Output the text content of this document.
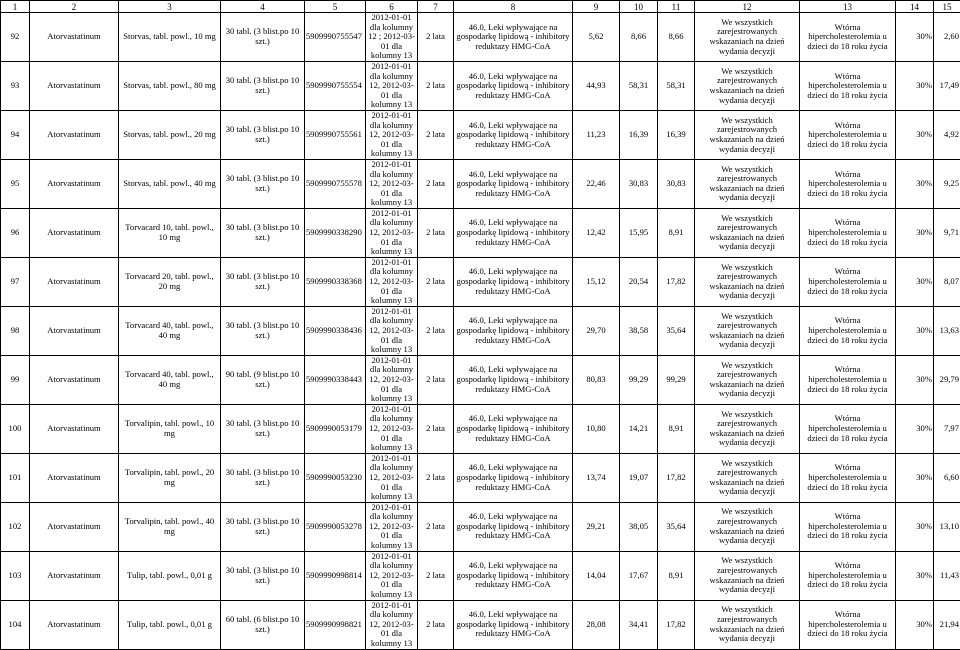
1	2	3	4	5	6	7	8	9	10	11	12	13	14	15
92	Atorvastatinum	Storvas, tabl. powl., 10 mg	30 tabl. (3 blist.po 10 szt.)	5909990755547	2012-01-01 dla kolumny 12 ; 2012-03-01 dla kolumny 13	2 lata	46.0, Leki wpływające na gospodarkę lipidową - inhibitory reduktazy HMG-CoA	5,62	8,66	8,66	We wszystkich zarejestrowanych wskazaniach na dzień wydania decyzji	Wtórna hipercholesterolemia u dzieci do 18 roku życia	30%	2,60
93	Atorvastatinum	Storvas, tabl. powl., 80 mg	30 tabl. (3 blist.po 10 szt.)	5909990755554	2012-01-01 dla kolumny 12, 2012-03-01 dla kolumny 13	2 lata	46.0, Leki wpływające na gospodarkę lipidową - inhibitory reduktazy HMG-CoA	44,93	58,31	58,31	We wszystkich zarejestrowanych wskazaniach na dzień wydania decyzji	Wtórna hipercholesterolemia u dzieci do 18 roku życia	30%	17,49
94	Atorvastatinum	Storvas, tabl. powl., 20 mg	30 tabl. (3 blist.po 10 szt.)	5909990755561	2012-01-01 dla kolumny 12, 2012-03-01 dla kolumny 13	2 lata	46.0, Leki wpływające na gospodarkę lipidową - inhibitory reduktazy HMG-CoA	11,23	16,39	16,39	We wszystkich zarejestrowanych wskazaniach na dzień wydania decyzji	Wtórna hipercholesterolemia u dzieci do 18 roku życia	30%	4,92
95	Atorvastatinum	Storvas, tabl. powl., 40 mg	30 tabl. (3 blist.po 10 szt.)	5909990755578	2012-01-01 dla kolumny 12, 2012-03-01 dla kolumny 13	2 lata	46.0, Leki wpływające na gospodarkę lipidową - inhibitory reduktazy HMG-CoA	22,46	30,83	30,83	We wszystkich zarejestrowanych wskazaniach na dzień wydania decyzji	Wtórna hipercholesterolemia u dzieci do 18 roku życia	30%	9,25
96	Atorvastatinum	Torvacard 10, tabl. powl., 10 mg	30 tabl. (3 blist.po 10 szt.)	5909990338290	2012-01-01 dla kolumny 12, 2012-03-01 dla kolumny 13	2 lata	46.0, Leki wpływające na gospodarkę lipidową - inhibitory reduktazy HMG-CoA	12,42	15,95	8,91	We wszystkich zarejestrowanych wskazaniach na dzień wydania decyzji	Wtórna hipercholesterolemia u dzieci do 18 roku życia	30%	9,71
97	Atorvastatinum	Torvacard 20, tabl. powl., 20 mg	30 tabl. (3 blist.po 10 szt.)	5909990338368	2012-01-01 dla kolumny 12, 2012-03-01 dla kolumny 13	2 lata	46.0, Leki wpływające na gospodarkę lipidową - inhibitory reduktazy HMG-CoA	15,12	20,54	17,82	We wszystkich zarejestrowanych wskazaniach na dzień wydania decyzji	Wtórna hipercholesterolemia u dzieci do 18 roku życia	30%	8,07
98	Atorvastatinum	Torvacard 40, tabl. powl., 40 mg	30 tabl. (3 blist.po 10 szt.)	5909990338436	2012-01-01 dla kolumny 12, 2012-03-01 dla kolumny 13	2 lata	46.0, Leki wpływające na gospodarkę lipidową - inhibitory reduktazy HMG-CoA	29,70	38,58	35,64	We wszystkich zarejestrowanych wskazaniach na dzień wydania decyzji	Wtórna hipercholesterolemia u dzieci do 18 roku życia	30%	13,63
99	Atorvastatinum	Torvacard 40, tabl. powl., 40 mg	90 tabl. (9 blist.po 10 szt.)	5909990338443	2012-01-01 dla kolumny 12, 2012-03-01 dla kolumny 13	2 lata	46.0, Leki wpływające na gospodarkę lipidową - inhibitory reduktazy HMG-CoA	80,83	99,29	99,29	We wszystkich zarejestrowanych wskazaniach na dzień wydania decyzji	Wtórna hipercholesterolemia u dzieci do 18 roku życia	30%	29,79
100	Atorvastatinum	Torvalipin, tabl. powl., 10 mg	30 tabl. (3 blist.po 10 szt.)	5909990053179	2012-01-01 dla kolumny 12, 2012-03-01 dla kolumny 13	2 lata	46.0, Leki wpływające na gospodarkę lipidową - inhibitory reduktazy HMG-CoA	10,80	14,21	8,91	We wszystkich zarejestrowanych wskazaniach na dzień wydania decyzji	Wtórna hipercholesterolemia u dzieci do 18 roku życia	30%	7,97
101	Atorvastatinum	Torvalipin, tabl. powl., 20 mg	30 tabl. (3 blist.po 10 szt.)	5909990053230	2012-01-01 dla kolumny 12, 2012-03-01 dla kolumny 13	2 lata	46.0, Leki wpływające na gospodarkę lipidową - inhibitory reduktazy HMG-CoA	13,74	19,07	17,82	We wszystkich zarejestrowanych wskazaniach na dzień wydania decyzji	Wtórna hipercholesterolemia u dzieci do 18 roku życia	30%	6,60
102	Atorvastatinum	Torvalipin, tabl. powl., 40 mg	30 tabl. (3 blist.po 10 szt.)	5909990053278	2012-01-01 dla kolumny 12, 2012-03-01 dla kolumny 13	2 lata	46.0, Leki wpływające na gospodarkę lipidową - inhibitory reduktazy HMG-CoA	29,21	38,05	35,64	We wszystkich zarejestrowanych wskazaniach na dzień wydania decyzji	Wtórna hipercholesterolemia u dzieci do 18 roku życia	30%	13,10
103	Atorvastatinum	Tulip, tabl. powl., 0,01 g	30 tabl. (3 blist.po 10 szt.)	5909990998814	2012-01-01 dla kolumny 12, 2012-03-01 dla kolumny 13	2 lata	46.0, Leki wpływające na gospodarkę lipidową - inhibitory reduktazy HMG-CoA	14,04	17,67	8,91	We wszystkich zarejestrowanych wskazaniach na dzień wydania decyzji	Wtórna hipercholesterolemia u dzieci do 18 roku życia	30%	11,43
104	Atorvastatinum	Tulip, tabl. powl., 0,01 g	60 tabl. (6 blist.po 10 szt.)	5909990998821	2012-01-01 dla kolumny 12, 2012-03-01 dla kolumny 13	2 lata	46.0, Leki wpływające na gospodarkę lipidową - inhibitory reduktazy HMG-CoA	28,08	34,41	17,82	We wszystkich zarejestrowanych wskazaniach na dzień wydania decyzji	Wtórna hipercholesterolemia u dzieci do 18 roku życia	30%	21,94
